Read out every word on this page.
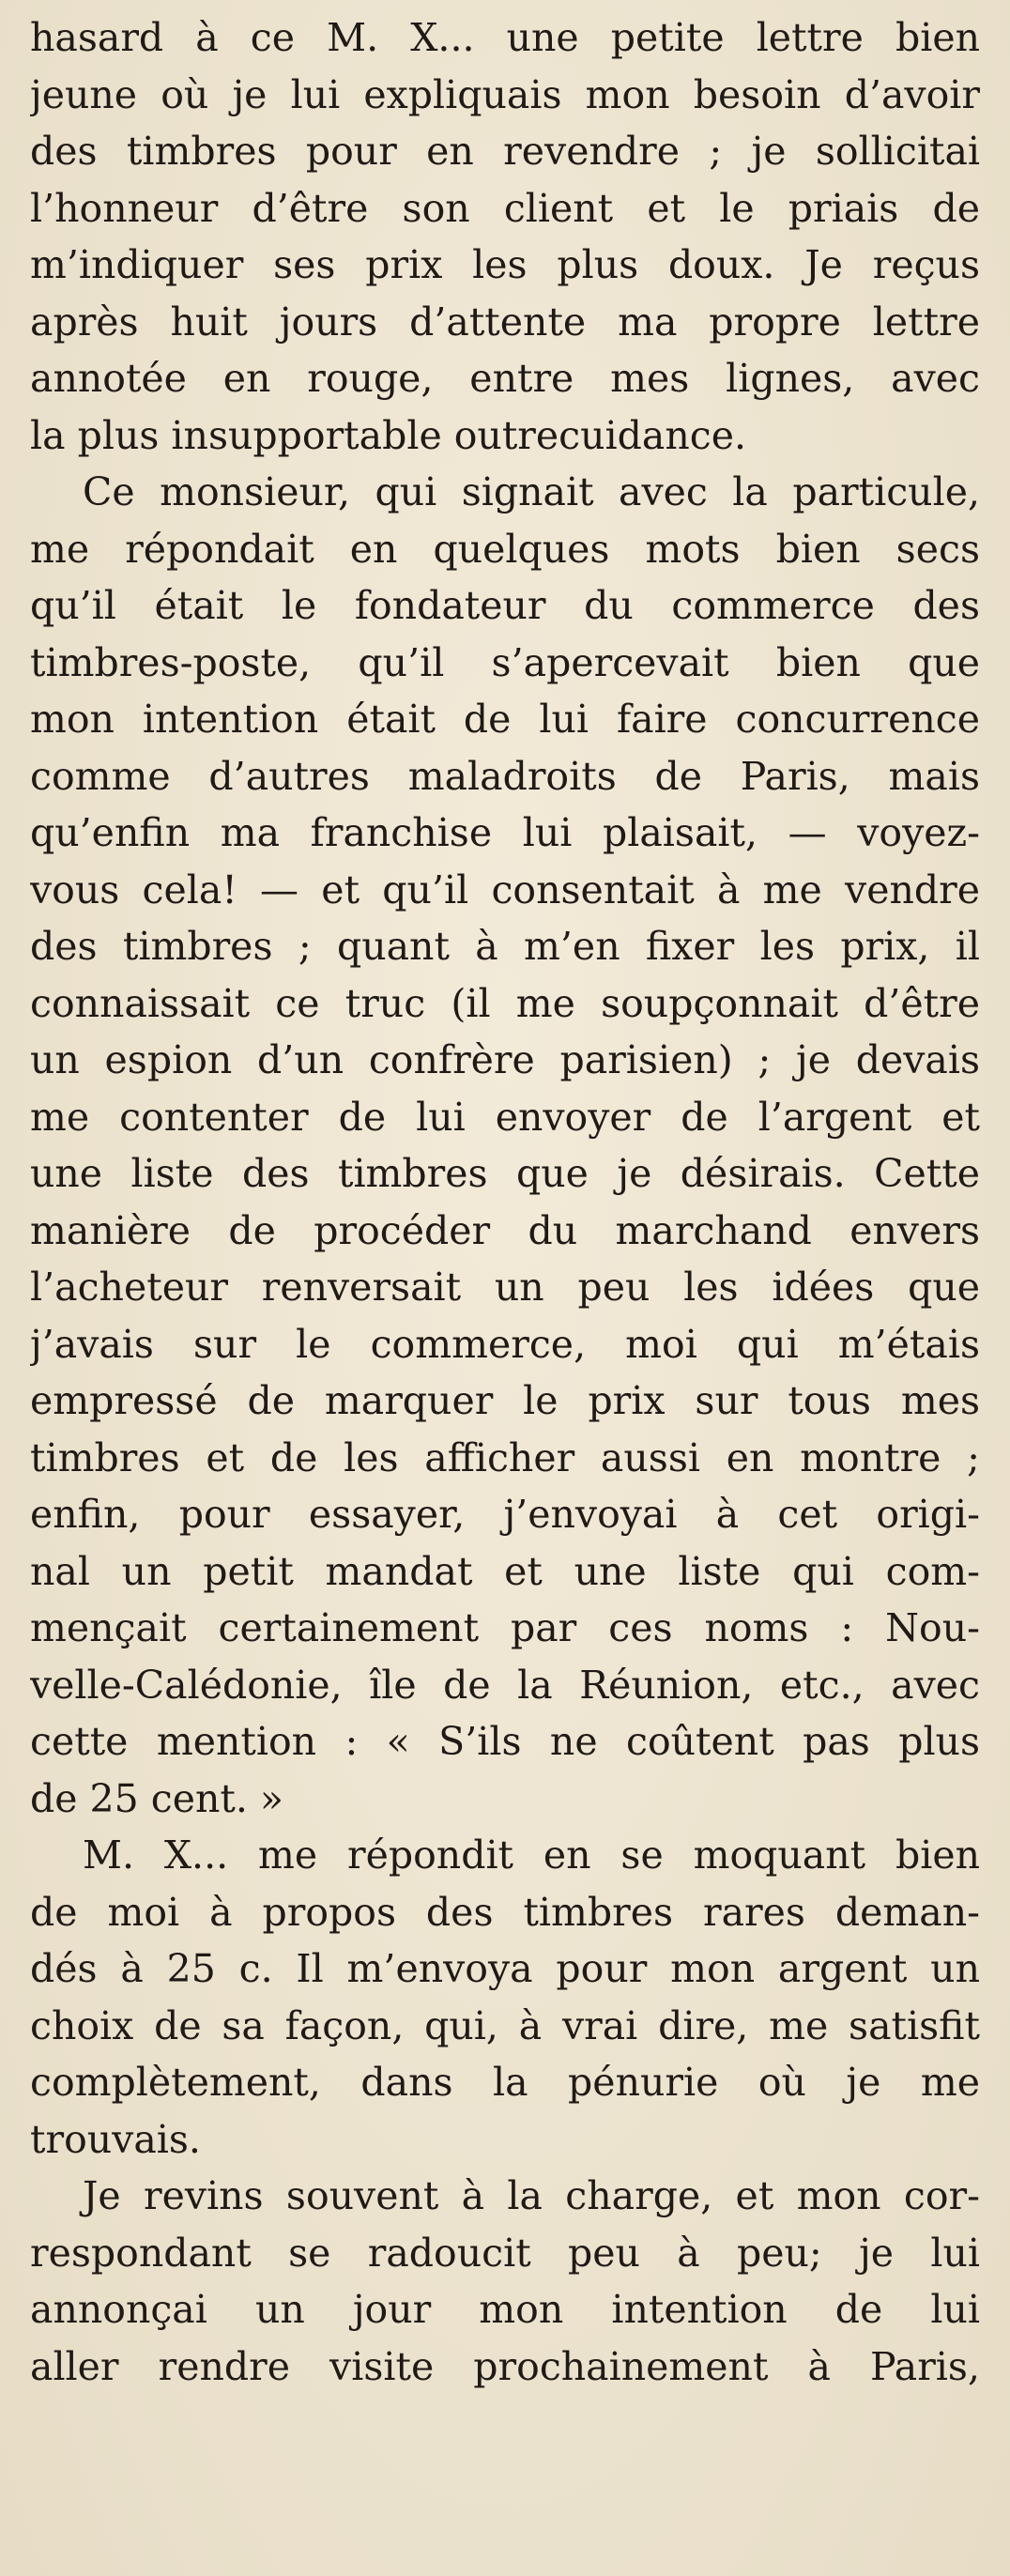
hasard à ce M. X... une petite lettre bien
jeune où je lui expliquais mon besoin d’avoir
des timbres pour en revendre ; je sollicitai
l’honneur d’être son client et le priais de
m’indiquer ses prix les plus doux. Je reçus
après huit jours d’attente ma propre lettre
annotée en rouge, entre mes lignes, avec
la plus insupportable outrecuidance.
Ce monsieur, qui signait avec la particule,
me répondait en quelques mots bien secs
qu’il était le fondateur du commerce des
timbres-poste, qu’il s’apercevait bien que
mon intention était de lui faire concurrence
comme d’autres maladroits de Paris, mais
qu’enfin ma franchise lui plaisait, — voyez-
vous cela! — et qu’il consentait à me vendre
des timbres ; quant à m’en fixer les prix, il
connaissait ce truc (il me soupçonnait d’être
un espion d’un confrère parisien) ; je devais
me contenter de lui envoyer de l’argent et
une liste des timbres que je désirais. Cette
manière de procéder du marchand envers
l’acheteur renversait un peu les idées que
j’avais sur le commerce, moi qui m’étais
empressé de marquer le prix sur tous mes
timbres et de les afficher aussi en montre ;
enfin, pour essayer, j’envoyai à cet origi-
nal un petit mandat et une liste qui com-
mençait certainement par ces noms : Nou-
velle-Calédonie, île de la Réunion, etc., avec
cette mention : « S’ils ne coûtent pas plus
de 25 cent. »
M. X... me répondit en se moquant bien
de moi à propos des timbres rares deman-
dés à 25 c. Il m’envoya pour mon argent un
choix de sa façon, qui, à vrai dire, me satisfit
complètement, dans la pénurie où je me
trouvais.
Je revins souvent à la charge, et mon cor-
respondant se radoucit peu à peu; je lui
annonçai un jour mon intention de lui
aller rendre visite prochainement à Paris,
